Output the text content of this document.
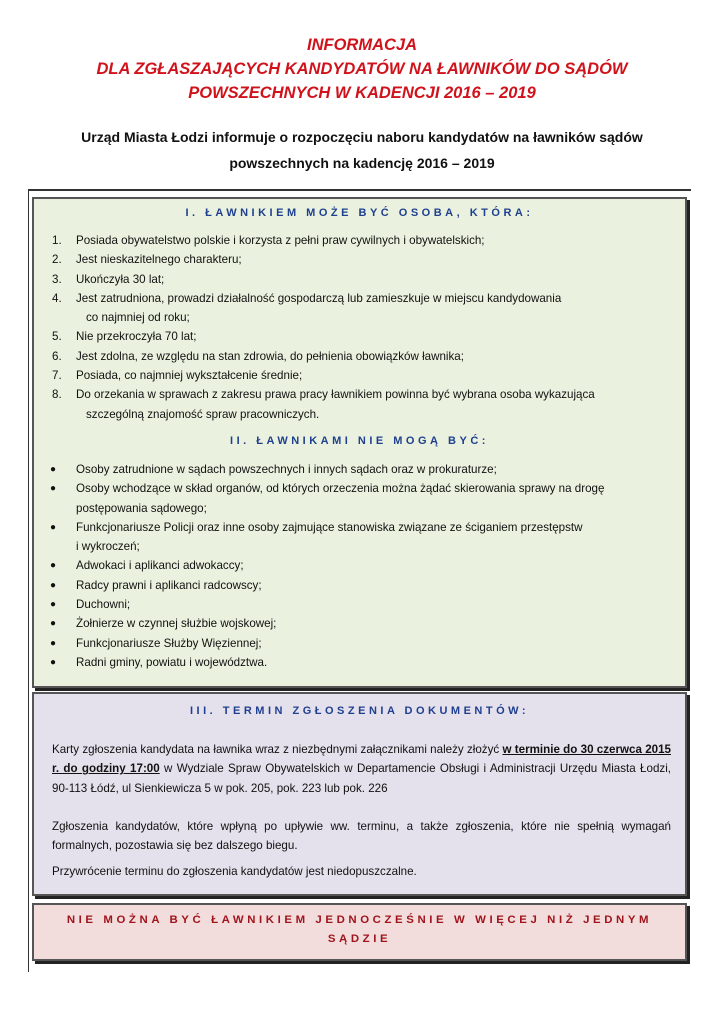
INFORMACJA
DLA ZGŁASZAJĄCYCH KANDYDATÓW NA ŁAWNIKÓW DO SĄDÓW
POWSZECHNYCH W KADENCJI 2016 – 2019
Urząd Miasta Łodzi informuje o rozpoczęciu naboru kandydatów na ławników sądów
powszechnych na kadencję 2016 – 2019
I. ŁAWNIKIEM MOŻE BYĆ OSOBA, KTÓRA:
1. Posiada obywatelstwo polskie i korzysta z pełni praw cywilnych i obywatelskich;
2. Jest nieskazitelnego charakteru;
3. Ukończyła 30 lat;
4. Jest zatrudniona, prowadzi działalność gospodarczą lub zamieszkuje w miejscu kandydowania
co najmniej od roku;
5. Nie przekroczyła 70 lat;
6. Jest zdolna, ze względu na stan zdrowia, do pełnienia obowiązków ławnika;
7. Posiada, co najmniej wykształcenie średnie;
8. Do orzekania w sprawach z zakresu prawa pracy ławnikiem powinna być wybrana osoba wykazująca
szczególną znajomość spraw pracowniczych.
II. ŁAWNIKAMI NIE MOGĄ BYĆ:
● Osoby zatrudnione w sądach powszechnych i innych sądach oraz w prokuraturze;
● Osoby wchodzące w skład organów, od których orzeczenia można żądać skierowania sprawy na drogę
postępowania sądowego;
● Funkcjonariusze Policji oraz inne osoby zajmujące stanowiska związane ze ściganiem przestępstw
i wykroczeń;
● Adwokaci i aplikanci adwokaccy;
● Radcy prawni i aplikanci radcowscy;
● Duchowni;
● Żołnierze w czynnej służbie wojskowej;
● Funkcjonariusze Służby Więziennej;
● Radni gminy, powiatu i województwa.
III. TERMIN ZGŁOSZENIA DOKUMENTÓW:

Karty zgłoszenia kandydata na ławnika wraz z niezbędnymi załącznikami należy złożyć w terminie do 30 czerwca 2015 r. do godziny 17:00 w Wydziale Spraw Obywatelskich w Departamencie Obsługi i Administracji Urzędu Miasta Łodzi, 90-113 Łódź, ul Sienkiewicza 5 w pok. 205, pok. 223 lub pok. 226

Zgłoszenia kandydatów, które wpłyną po upływie ww. terminu, a także zgłoszenia, które nie spełnią wymagań formalnych, pozostawia się bez dalszego biegu.

Przywrócenie terminu do zgłoszenia kandydatów jest niedopuszczalne.

NIE MOŻNA BYĆ ŁAWNIKIEM JEDNOCZEŚNIE W WIĘCEJ NIŻ JEDNYM
SĄDZIE
